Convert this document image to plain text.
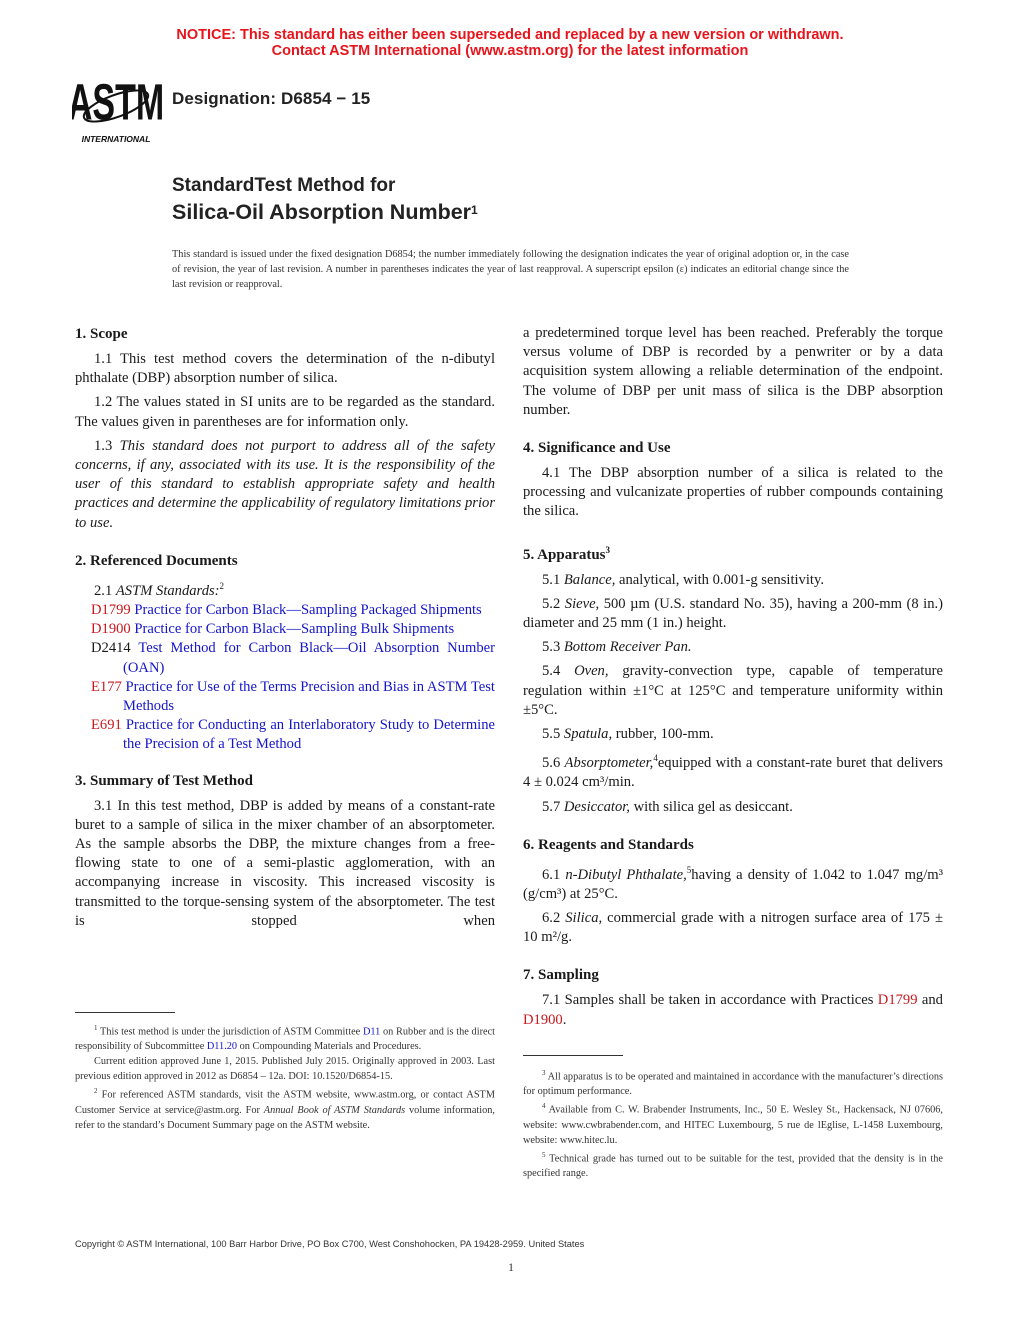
NOTICE: This standard has either been superseded and replaced by a new version or withdrawn.
Contact ASTM International (www.astm.org) for the latest information
ASTM
INTERNATIONAL
Designation: D6854 − 15
StandardTest Method for
Silica-Oil Absorption Number$^1$
This standard is issued under the fixed designation D6854; the number immediately following the designation indicates the year of original adoption or, in the case of revision, the year of last revision. A number in parentheses indicates the year of last reapproval. A superscript epsilon (ε) indicates an editorial change since the last revision or reapproval.
1. Scope

1.1 This test method covers the determination of the n-dibutyl phthalate (DBP) absorption number of silica.

1.2 The values stated in SI units are to be regarded as the standard. The values given in parentheses are for information only.

1.3 This standard does not purport to address all of the safety concerns, if any, associated with its use. It is the responsibility of the user of this standard to establish appropriate safety and health practices and determine the applicability of regulatory limitations prior to use.

2. Referenced Documents

2.1 ASTM Standards:$^2$

D1799 Practice for Carbon Black—Sampling Packaged Shipments
D1900 Practice for Carbon Black—Sampling Bulk Shipments
D2414 Test Method for Carbon Black—Oil Absorption Number (OAN)
E177 Practice for Use of the Terms Precision and Bias in ASTM Test Methods
E691 Practice for Conducting an Interlaboratory Study to Determine the Precision of a Test Method
3. Summary of Test Method

3.1 In this test method, DBP is added by means of a constant-rate buret to a sample of silica in the mixer chamber of an absorptometer. As the sample absorbs the DBP, the mixture changes from a free-flowing state to one of a semi-plastic agglomeration, with an accompanying increase in viscosity. This increased viscosity is transmitted to the torque-sensing system of the absorptometer. The test is stopped when

$^1$ This test method is under the jurisdiction of ASTM Committee D11 on Rubber and is the direct responsibility of Subcommittee D11.20 on Compounding Materials and Procedures.

Current edition approved June 1, 2015. Published July 2015. Originally approved in 2003. Last previous edition approved in 2012 as D6854 – 12a. DOI: 10.1520/D6854-15.

$^2$ For referenced ASTM standards, visit the ASTM website, www.astm.org, or contact ASTM Customer Service at service@astm.org. For Annual Book of ASTM Standards volume information, refer to the standard’s Document Summary page on the ASTM website.

a predetermined torque level has been reached. Preferably the torque versus volume of DBP is recorded by a penwriter or by a data acquisition system allowing a reliable determination of the endpoint. The volume of DBP per unit mass of silica is the DBP absorption number.

4. Significance and Use

4.1 The DBP absorption number of a silica is related to the processing and vulcanizate properties of rubber compounds containing the silica.

5. Apparatus$^3$

5.1 Balance, analytical, with 0.001-g sensitivity.

5.2 Sieve, 500 µm (U.S. standard No. 35), having a 200-mm (8 in.) diameter and 25 mm (1 in.) height.

5.3 Bottom Receiver Pan.

5.4 Oven, gravity-convection type, capable of temperature regulation within ±1°C at 125°C and temperature uniformity within ±5°C.

5.5 Spatula, rubber, 100-mm.

5.6 Absorptometer,$^4$equipped with a constant-rate buret that delivers 4 ± 0.024 cm³/min.

5.7 Desiccator, with silica gel as desiccant.

6. Reagents and Standards

6.1 n-Dibutyl Phthalate,$^5$having a density of 1.042 to 1.047 mg/m³ (g/cm³) at 25°C.

6.2 Silica, commercial grade with a nitrogen surface area of 175 ± 10 m²/g.

7. Sampling

7.1 Samples shall be taken in accordance with Practices D1799 and D1900.

$^3$ All apparatus is to be operated and maintained in accordance with the manufacturer’s directions for optimum performance.

$^4$ Available from C. W. Brabender Instruments, Inc., 50 E. Wesley St., Hackensack, NJ 07606, website: www.cwbrabender.com, and HITEC Luxembourg, 5 rue de lEglise, L-1458 Luxembourg, website: www.hitec.lu.

$^5$ Technical grade has turned out to be suitable for the test, provided that the density is in the specified range.

Copyright © ASTM International, 100 Barr Harbor Drive, PO Box C700, West Conshohocken, PA 19428-2959. United States
1
